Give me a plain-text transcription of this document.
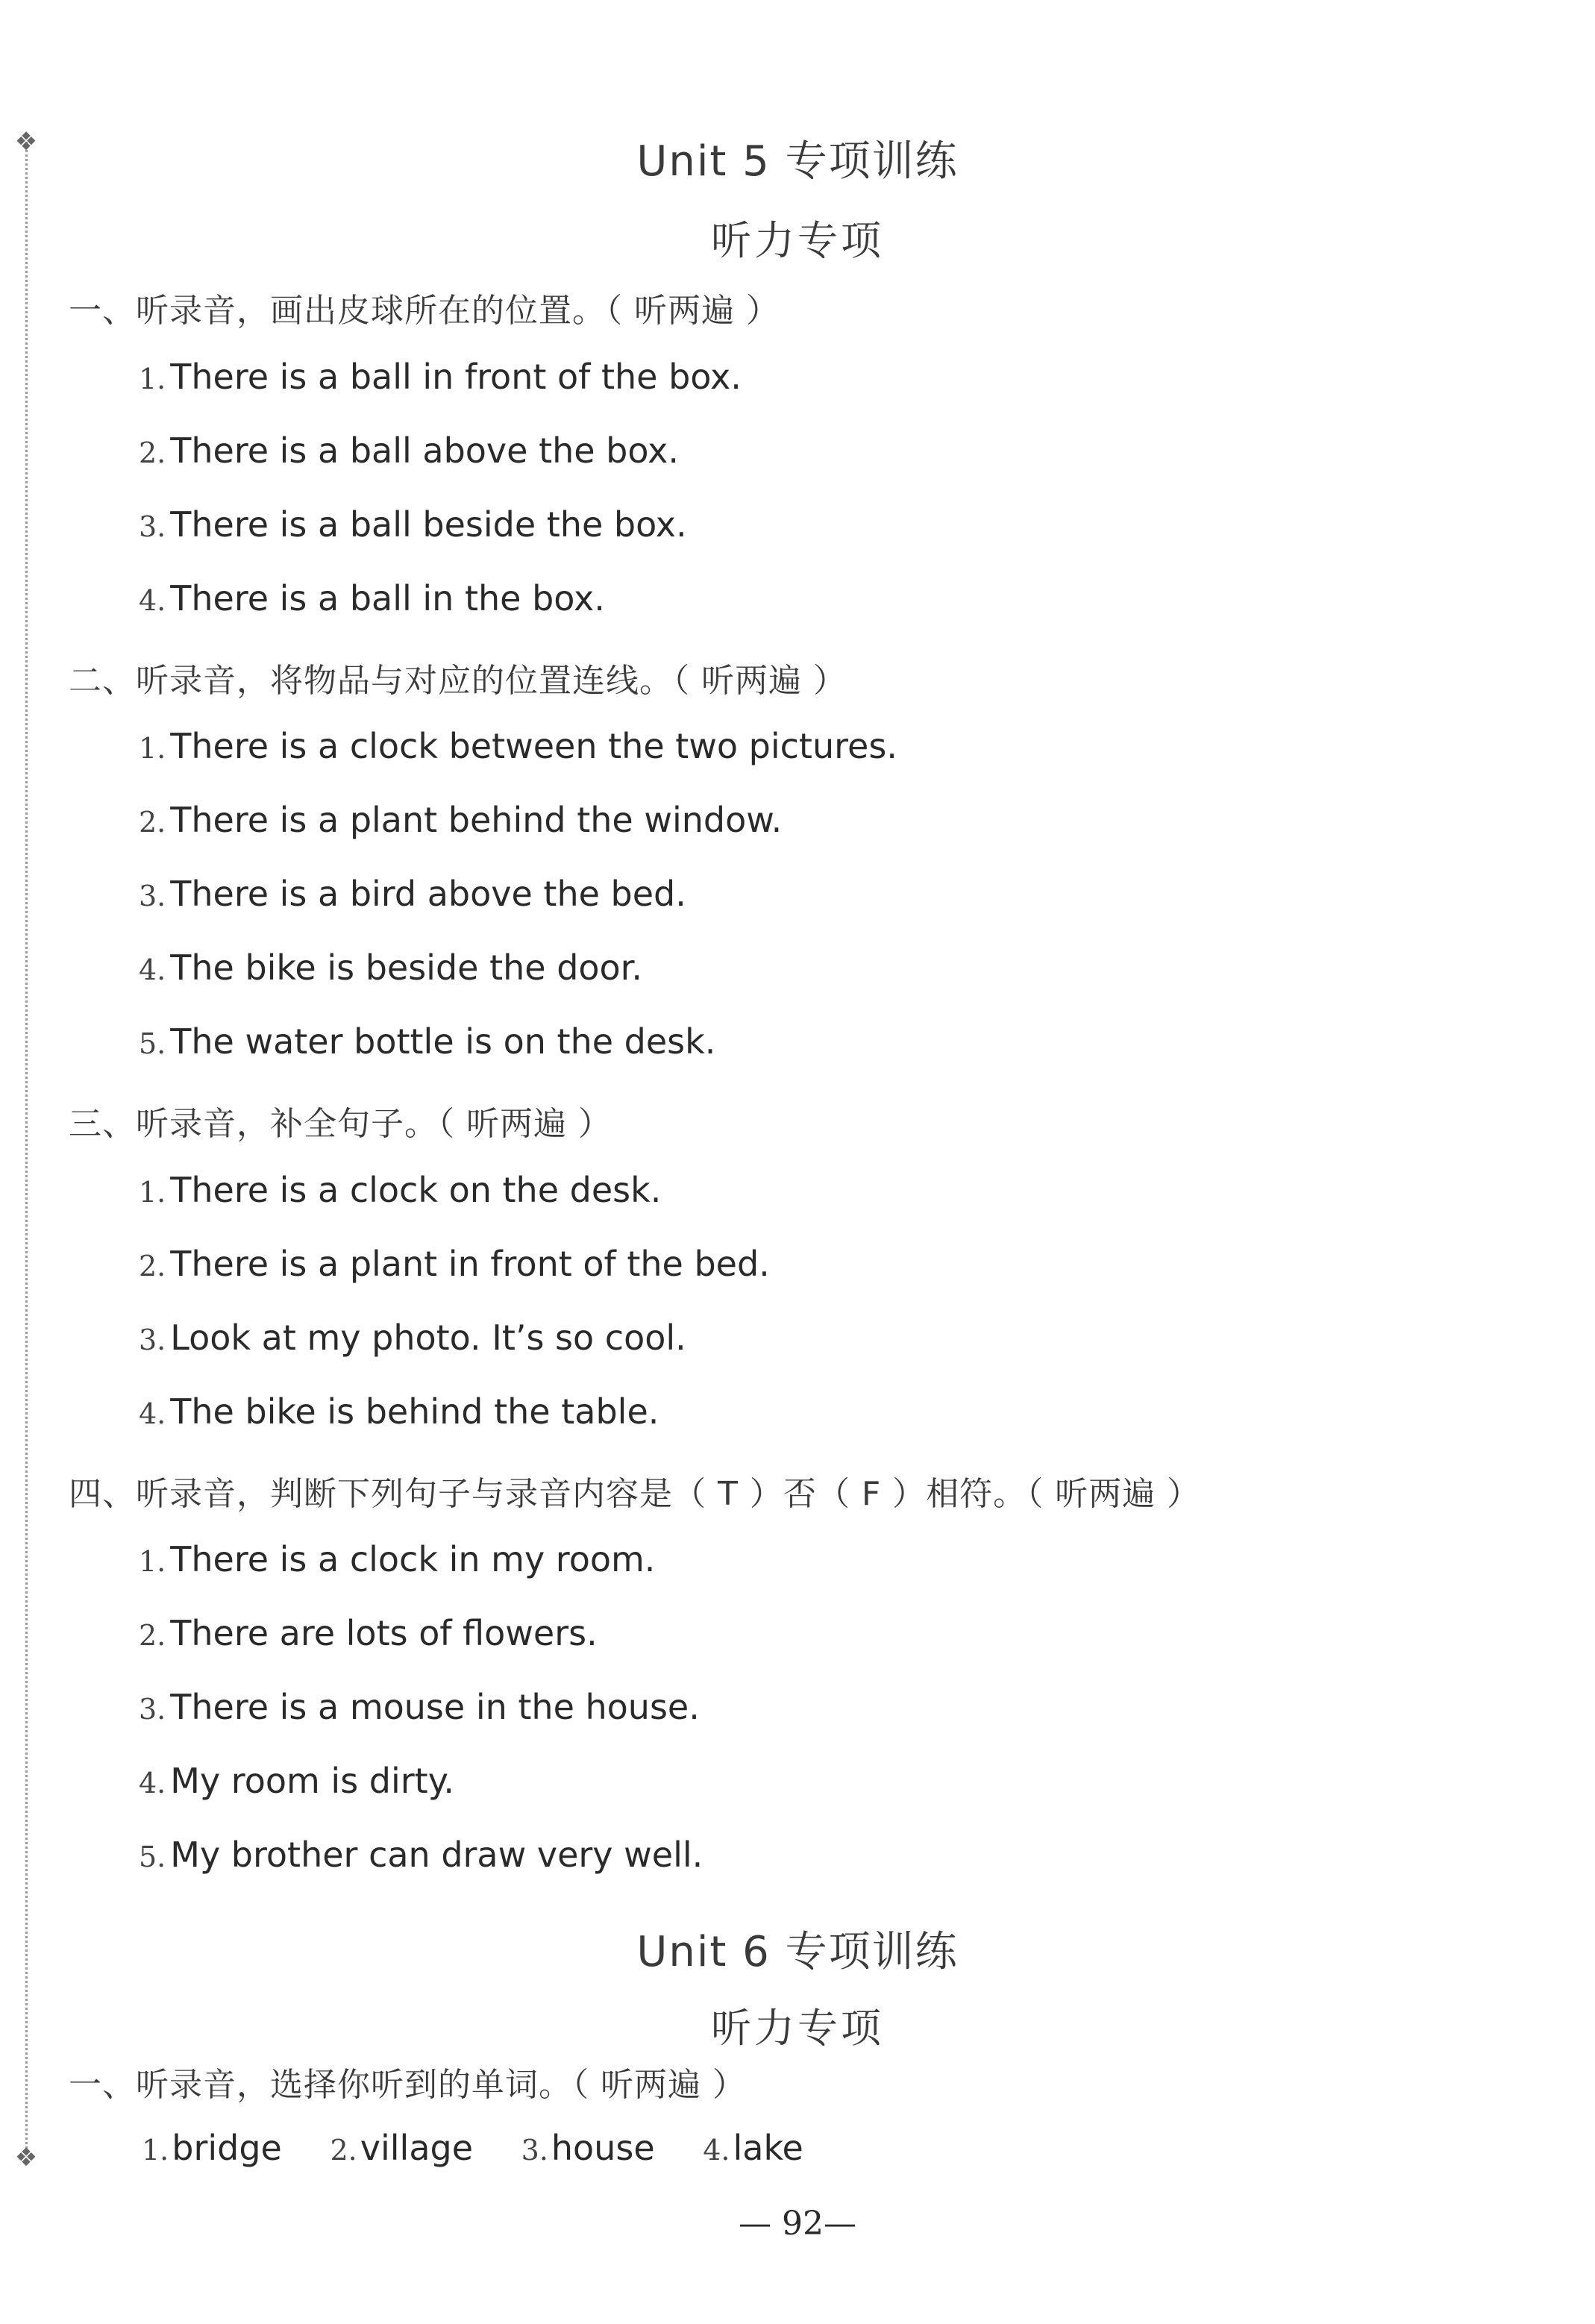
❖
❖
Unit 5 专项训练
听力专项
一、听录音，画出皮球所在的位置。（ 听两遍 ）
1. There is a ball in front of the box.
2. There is a ball above the box.
3. There is a ball beside the box.
4. There is a ball in the box.
二、听录音，将物品与对应的位置连线。（ 听两遍 ）
1. There is a clock between the two pictures.
2. There is a plant behind the window.
3. There is a bird above the bed.
4. The bike is beside the door.
5. The water bottle is on the desk.
三、听录音，补全句子。（ 听两遍 ）
1. There is a clock on the desk.
2. There is a plant in front of the bed.
3. Look at my photo. It’s so cool.
4. The bike is behind the table.
四、听录音，判断下列句子与录音内容是（ T ）否（ F ）相符。（ 听两遍 ）
1. There is a clock in my room.
2. There are lots of flowers.
3. There is a mouse in the house.
4. My room is dirty.
5. My brother can draw very well.
Unit 6 专项训练
听力专项
一、听录音，选择你听到的单词。（ 听两遍 ）
1.bridge 2.village 3.house 4.lake
— 92—
